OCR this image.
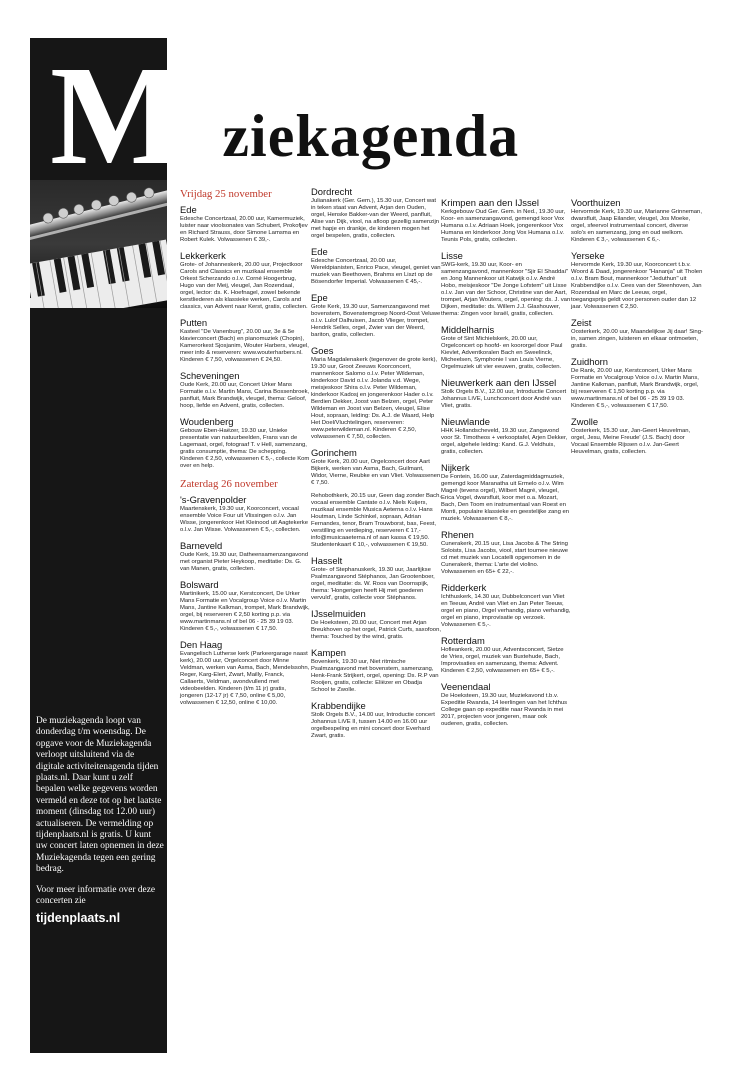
M uziekagenda

De muziekagenda loopt van donderdag t/m woensdag. De opgave voor de Muziekagenda verloopt uitsluitend via de digitale activiteitenagenda tijden plaats.nl. Daar kunt u zelf bepalen welke gegevens worden vermeld en deze tot op het laatste moment (dinsdag tot 12.00 uur) actualiseren. De vermelding op tijdenplaats.nl is gratis. U kunt uw concert laten opnemen in deze Muziekagenda tegen een gering bedrag.

Voor meer informatie over deze concerten zie

tijdenplaats.nl

Vrijdag 25 november
Ede

Edesche Concertzaal, 20.00 uur, Kamermuziek, luister naar vioolsonates van Schubert, Prokofjev en Richard Strauss, door Simone Lamsma en Robert Kulek. Volwassenen € 39,-.

Lekkerkerk

Grote- of Johanneskerk, 20.00 uur, Projectkoor Carols and Classics en muzikaal ensemble Orkest Scherzando o.l.v. Corné Hoogerbrug, Hugo van der Meij, vleugel, Jan Rozendaal, orgel, lector: ds. K. Hoefnagel, zowel bekende kerstliederen als klassieke werken, Carols and classics, van Advent naar Kerst, gratis, collecten.

Putten

Kasteel "De Vanenburg", 20.00 uur, 3e & 5e klavierconcert (Bach) en pianomuziek (Chopin), Kamerorkest Sjosjanim, Wouter Harbers, vleugel, meer info & reserveren: www.wouterharbers.nl. Kinderen € 7,50, volwassenen € 24,50.

Scheveningen

Oude Kerk, 20.00 uur, Concert Urker Mans Formatie o.l.v. Martin Mans, Carina Bossenbroek, panfluit, Mark Brandwijk, vleugel, thema: Geloof, hoop, liefde en Advent, gratis, collecten.

Woudenberg

Gebouw Eben-Haëzer, 19.30 uur, Unieke presentatie van natuurbeelden, Frans van de Lagemaat, orgel, fotograaf T. v Hell, samenzang, gratis consumptie, thema: De schepping. Kinderen € 2,50, volwassenen € 5,-, collecte Kom over en help.

Zaterdag 26 november
's-Gravenpolder

Maartenskerk, 19.30 uur, Koorconcert, vocaal ensemble Voice Four uit Vlissingen o.l.v. Jan Wisse, jongerenkoor Het Kleinood uit Aagtekerke o.l.v. Jan Wisse. Volwassenen € 5,-, collecten.

Barneveld

Oude Kerk, 19.30 uur, Datheensamenzangavond met organist Pieter Heykoop, meditatie: Ds. G. van Manen, gratis, collecten.

Bolsward

Martinikerk, 15.00 uur, Kerstconcert, De Urker Mans Formatie en Vocalgroup Voice o.l.v. Martin Mans, Jantine Kalkman, trompet, Mark Brandwijk, orgel, bij reserveren € 2,50 korting p.p. via www.martinmans.nl of bel 06 - 25 39 19 03. Kinderen € 5,-, volwassenen € 17,50.

Den Haag

Evangelisch Lutherse kerk (Parkeergarage naast kerk), 20.00 uur, Orgelconcert door Minne Veldman, werken van Asma, Bach, Mendelssohn, Reger, Karg-Elert, Zwart, Mailly, Franck, Callaerts, Veldman, avondvullend met videobeelden. Kinderen (t/m 11 jr) gratis, jongeren (12-17 jr) € 7,50, online € 5,00, volwassenen € 12,50, online € 10,00.

Dordrecht

Julianakerk (Ger. Gem.), 15.30 uur, Concert wat in teken staat van Advent, Arjan den Ouden, orgel, Henske Bakker-van der Weerd, panfluit, Alise van Dijk, viool, na afloop gezellig samenzijn met hapje en drankje, de kinderen mogen het orgel bespelen, gratis, collecten.

Ede

Edesche Concertzaal, 20.00 uur, Wereldpianisten, Enrico Pace, vleugel, geniet van muziek van Beethoven, Brahms en Liszt op de Bösendorfer Imperial. Volwassenen € 45,-.

Epe

Grote Kerk, 19.30 uur, Samenzangavond met bovenstem, Bovenstemgroep Noord-Oost Veluwe o.l.v. Lulof Dalhuisen, Jacob Vlieger, trompet, Hendrik Selles, orgel, Zwier van der Weerd, bariton, gratis, collecten.

Goes

Maria Magdalenakerk (tegenover de grote kerk), 19.30 uur, Groot Zeeuws Koorconcert, mannenkoor Salomo o.l.v. Peter Wildeman, kinderkoor David o.l.v. Jolanda v.d. Wege, meisjeskoor Shira o.l.v. Peter Wildeman, kinderkoor Kadosj en jongerenkoor Hader o.l.v. Berdien Dekker, Joost van Belzen, orgel, Peter Wildeman en Joost van Belzen, vleugel, Elise Hout, sopraan, leiding: Ds. A.J. de Waard, Help Het Doel/Vluchtelingen, reserveren: www.peterwildeman.nl. Kinderen € 2,50, volwassenen € 7,50, collecten.

Gorinchem

Grote Kerk, 20.00 uur, Orgelconcert door Aart Bijkerk, werken van Asma, Bach, Guilmant, Widor, Vierne, Reubke en van Vliet. Volwassenen € 7,50.

Rehobothkerk, 20.15 uur, Geen dag zonder Bach, vocaal ensemble Cantate o.l.v. Niels Kuijers, muzikaal ensemble Musica Aeterna o.l.v. Hans Houtman, Linde Schinkel, sopraan, Adrian Fernandes, tenor, Bram Trouwborst, bas, Feest, verstilling en verdieping, reserveren € 17,- info@musicaaeterna.nl of aan kassa € 19,50. Studentenkaart € 10,-, volwassenen € 19,50.

Hasselt

Grote- of Stephanuskerk, 19.30 uur, Jaarlijkse Psalmzangavond Stéphanos, Jan Grootenboer, orgel, meditatie: ds. W. Roos van Doornspijk, thema: 'Hongerigen heeft Hij met goederen vervuld', gratis, collecte voor Stéphanos.

IJsselmuiden

De Hoeksteen, 20.00 uur, Concert met Arjan Breukhoven op het orgel, Patrick Curfs, saxofoon, thema: Touched by the wind, gratis.

Kampen

Bovenkerk, 19.30 uur, Niet ritmische Psalmzangavond met bovenstem, samenzang, Henk-Frank Strijkert, orgel, opening: Ds. R.P van Rooijen, gratis, collecte: Eliëzer en Obadja School te Zwolle.

Krabbendijke

Stolk Orgels B.V., 14.00 uur, Introductie concert Johannus LiVE II, tussen 14.00 en 16.00 uur orgelbespeling en mini concert door Everhard Zwart, gratis.

Krimpen aan den IJssel

Kerkgebouw Oud Ger. Gem. in Ned., 19.30 uur, Koor- en samenzangavond, gemengd koor Vox Humana o.l.v. Adriaan Hoek, jongerenkoor Vox Humana en kinderkoor Jong Vox Humana o.l.v. Teunis Pols, gratis, collecten.

Lisse

SWG-kerk, 19.30 uur, Koor- en samenzangavond, mannenkoor "Sjir El Shaddai" en Jong Mannenkoor uit Katwijk o.l.v. André Hobo, meisjeskoor "De Jonge Lofstem" uit Lisse o.l.v. Jan van der Schoor, Christine van der Aart, trompet, Arjan Wouters, orgel, opening: ds. J. van Dijken, meditatie: ds. Willem J.J. Glashouwer, thema: Zingen voor Israël, gratis, collecten.

Middelharnis

Grote of Sint Michielskerk, 20.00 uur, Orgelconcert op hoofd- en koororgel door Paul Kievlet, Adventkoralen Bach en Sweelinck, Micheelsen, Symphonie I van Louis Vierne, Orgelmuziek uit vier eeuwen, gratis, collecten.

Nieuwerkerk aan den IJssel

Stolk Orgels B.V., 12.00 uur, Introductie Concert Johannus LiVE, Lunchconcert door André van Vliet, gratis.

Nieuwlande

HHK Hollandscheveld, 19.30 uur, Zangavond voor St. Timotheos + verkooptafel, Arjen Dekker, orgel, algehele leiding: Kand. G.J. Veldhuis, gratis, collecten.

Nijkerk

De Fontein, 16.00 uur, Zaterdagmiddagmuziek, gemengd koor Maranatha uit Ermelo o.l.v. Wim Magré (tevens orgel), Wilbert Magré, vleugel, Erica Vogel, dwarsfluit, koor met o.a. Mozart, Bach, Den Toom en instrumentaal van Roest en Monti, populaire klassieke en geestelijke zang en muziek. Volwassenen € 8,-.

Rhenen

Cunerakerk, 20.15 uur, Lisa Jacobs & The String Soloists, Lisa Jacobs, viool, start tournee nieuwe cd met muziek van Locatelli opgenomen in de Cunerakerk, thema: L'arte del violino. Volwassenen en 65+ € 22,-.

Ridderkerk

Ichthuskerk, 14.30 uur, Dubbelconcert van Vliet en Teeuw, André van Vliet en Jan Peter Teeuw, orgel en piano, Orgel verhandig, piano verhandig, orgel en piano, improvisatie op verzoek. Volwassenen € 5,-.

Rotterdam

Hofleankerk, 20.00 uur, Adventsconcert, Sietze de Vries, orgel, muziek van Buxtehude, Bach, Improvisaties en samenzang, thema: Advent. Kinderen € 2,50, volwassenen en 65+ € 5,-.

Veenendaal

De Hoeksteen, 19.30 uur, Muziekavond t.b.v. Expeditie Rwanda, 14 leerlingen van het Ichthus College gaan op expeditie naar Rwanda in mei 2017, projecten voor jongeren, maar ook ouderen, gratis, collecten.

Voorthuizen

Hervormde Kerk, 19.30 uur, Marianne Grinneman, dwarsfluit, Jaap Eilander, vleugel, Jos Moeke, orgel, sfeervol instrumentaal concert, diverse solo's en samenzang, jong en oud welkom. Kinderen € 3,-, volwassenen € 6,-.

Yerseke

Hervormde Kerk, 19.30 uur, Koorconcert t.b.v. Woord & Daad, jongerenkoor "Hananja" uit Tholen o.l.v. Bram Bout, mannenkoor "Jeduthun" uit Krabbendijke o.l.v. Cees van der Steenhoven, Jan Rozendaal en Marc de Leeuw, orgel, toegangsprijs geldt voor personen ouder dan 12 jaar. Volwassenen € 2,50.

Zeist

Oosterkerk, 20.00 uur, Maandelijkse Jij daar! Sing-in, samen zingen, luisteren en elkaar ontmoeten, gratis.

Zuidhorn

De Rank, 20.00 uur, Kerstconcert, Urker Mans Formatie en Vocalgroup Voice o.l.v. Martin Mans, Jantine Kalkman, panfluit, Mark Brandwijk, orgel, bij reserveren € 1,50 korting p.p. via www.martinmans.nl of bel 06 - 25 39 19 03. Kinderen € 5,-, volwassenen € 17,50.

Zwolle

Oosterkerk, 15.30 uur, Jan-Geert Heuvelman, orgel, Jesu, Meine Freude' (J.S. Bach) door Vocaal Ensemble Rijssen o.l.v. Jan-Geert Heuvelman, gratis, collecten.
